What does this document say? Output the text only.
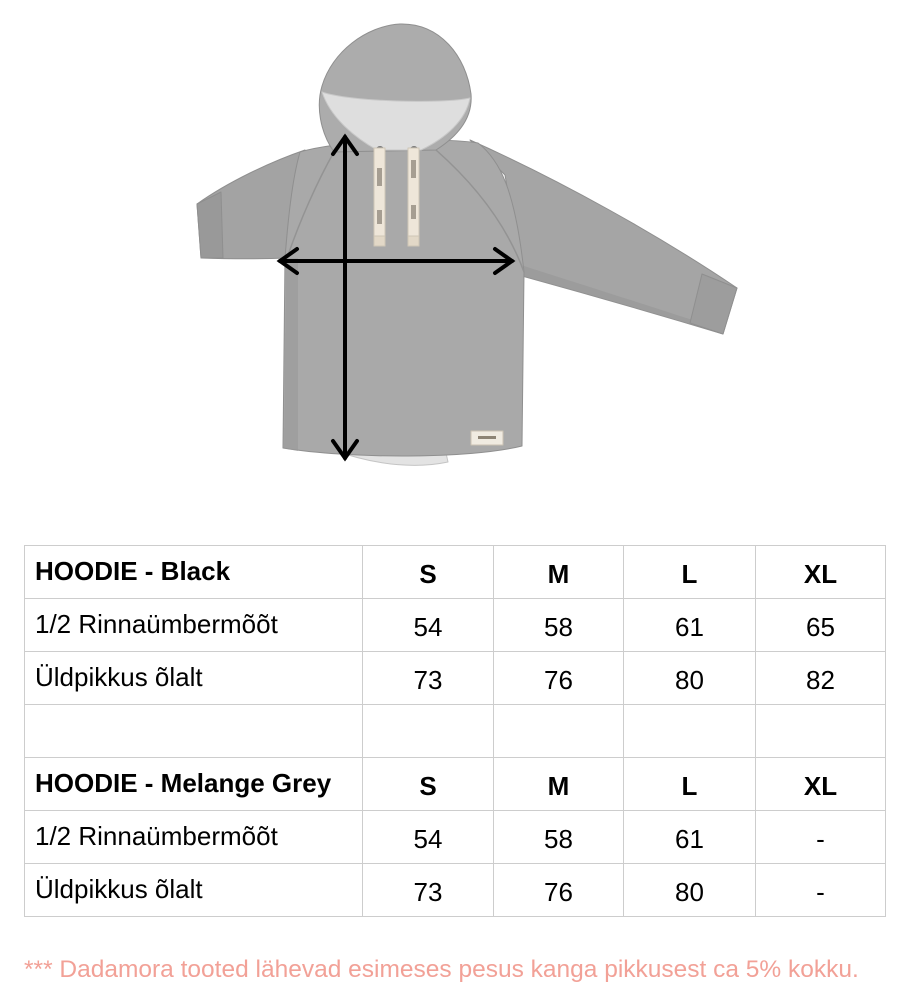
HOODIE - Black	S	M	L	XL
1/2 Rinnaümbermõõt	54	58	61	65
Üldpikkus õlalt	73	76	80	82
HOODIE - Melange Grey	S	M	L	XL
1/2 Rinnaümbermõõt	54	58	61	-
Üldpikkus õlalt	73	76	80	-
*** Dadamora tooted lähevad esimeses pesus kanga pikkusest ca 5% kokku.
